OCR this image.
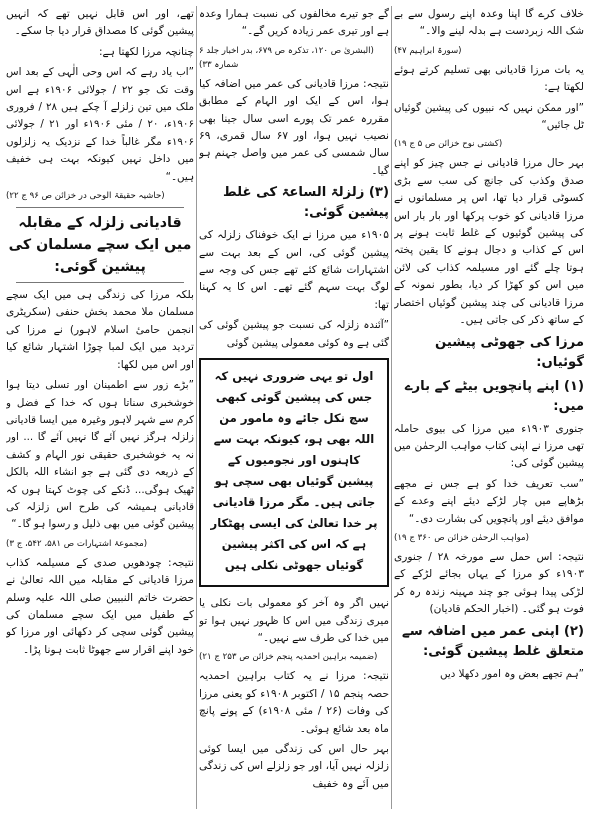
خلاف کرے گا اپنا وعدہ اپنے رسول سے بے شک اللہ زبردست ہے بدلہ لینے والا۔“

(سورۃ ابراہیم ۴۷)

یہ بات مرزا قادیانی بھی تسلیم کرتے ہوئے لکھتا ہے:

”اور ممکن نہیں کہ نبیوں کی پیشین گوئیاں ٹل جائیں“

(کشتی نوح خزائن ص ۵ ج ۱۹)

بہر حال مرزا قادیانی نے جس چیز کو اپنے صدق وکذب کی جانچ کی سب سے بڑی کسوٹی قرار دیا تھا، اس پر مسلمانوں نے مرزا قادیانی کو خوب پرکھا اور بار بار اس کی پیشین گوئیوں کے غلط ثابت ہونے پر اس کے کذاب و دجال ہونے کا یقین پختہ ہوتا چلے گئے اور مسیلمہ کذاب کی لائن میں اس کو کھڑا کر دیا، بطور نمونہ کے مرزا قادیانی کی چند پیشین گوئیاں اختصار کے ساتھ ذکر کی جاتی ہیں۔

مرزا کی جھوٹی پیشین گوئیاں:
(۱) اپنے پانچویں بیٹے کے بارے میں:

جنوری ۱۹۰۳ء میں مرزا کی بیوی حاملہ تھی مرزا نے اپنی کتاب مواہب الرحمٰن میں پیشین گوئی کی:

”سب تعریف خدا کو ہے جس نے مجھے بڑھاپے میں چار لڑکے دیئے اپنے وعدے کے موافق دیئے اور پانچویں کی بشارت دی۔“

(مواہب الرحمٰن خزائن ص ۳۶۰ ج ۱۹)

نتیجہ: اس حمل سے مورخہ ۲۸ / جنوری ۱۹۰۳ء کو مرزا کے یہاں بجائے لڑکے کے لڑکی پیدا ہوئی جو چند مہینہ زندہ رہ کر فوت ہو گئی۔ (اخبار الحکم قادیان)

(۲) اپنی عمر میں اضافہ سے متعلق غلط پیشین گوئی:

”ہم تجھے بعض وہ امور دکھلا دیں

گے جو تیرے مخالفوں کی نسبت ہمارا وعدہ ہے اور تیری عمر زیادہ کریں گے۔“

(البشریٰ ص ۱۲۰، تذکرہ ص ۶۷۹، بدر اخبار جلد ۶ شمارہ ۳۳)

نتیجہ: مرزا قادیانی کی عمر میں اضافہ کیا ہوا، اس کے ایک اور الہام کے مطابق مقررہ عمر تک پورے اسی سال جینا بھی نصیب نہیں ہوا، اور ۶۷ سال قمری، ۶۹ سال شمسی کی عمر میں واصل جہنم ہو گیا۔

(۳) زلزلۃ الساعۃ کی غلط پیشین گوئی:

۱۹۰۵ء میں مرزا نے ایک خوفناک زلزلہ کی پیشین گوئی کی، اس کے بعد بہت سے اشتہارات شائع کئے تھے جس کی وجہ سے لوگ بہت سہم گئے تھے۔ اس کا یہ کہنا تھا:

”آئندہ زلزلہ کی نسبت جو پیشین گوئی کی گئی ہے وہ کوئی معمولی پیشین گوئی

اول تو یہی ضروری نہیں کہ جس کی پیشین گوئی کبھی سچ نکل جائے وہ مامور من اللہ بھی ہو، کیونکہ بہت سے کاہنوں اور نجومیوں کے پیشین گوئیاں بھی سچی ہو جاتی ہیں۔ مگر مرزا قادیانی پر خدا تعالیٰ کی ایسی پھٹکار ہے کہ اس کی اکثر پیشین گوئیاں جھوٹی نکلی ہیں

نہیں اگر وہ آخر کو معمولی بات نکلی یا میری زندگی میں اس کا ظہور نہیں ہوا تو میں خدا کی طرف سے نہیں۔“

(ضمیمہ براہین احمدیہ پنجم خزائن ص ۲۵۳ ج ۲۱)

نتیجہ: مرزا نے یہ کتاب براہین احمدیہ حصہ پنجم ۱۵ / اکتوبر ۱۹۰۸ء کو یعنی مرزا کی وفات (۲۶ / مئی ۱۹۰۸ء) کے پونے پانچ ماہ بعد شائع ہوئی۔

بہر حال اس کی زندگی میں ایسا کوئی زلزلہ نہیں آیا، اور جو زلزلے اس کی زندگی میں آئے وہ خفیف

تھے، اور اس قابل نہیں تھے کہ انہیں پیشین گوئی کا مصداق قرار دیا جا سکے۔

چنانچہ مرزا لکھتا ہے:

”اب یاد رہے کہ اس وحی الٰہی کے بعد اس وقت تک جو ۲۲ / جولائی ۱۹۰۶ء ہے اس ملک میں تین زلزلے آ چکے ہیں ۲۸ / فروری ۱۹۰۶ء، ۲۰ / مئی ۱۹۰۶ء اور ۲۱ / جولائی ۱۹۰۶ء مگر غالباً خدا کے نزدیک یہ زلزلوں میں داخل نہیں کیونکہ بہت ہی خفیف ہیں۔“

(حاشیہ حقیقۃ الوحی در خزائن ص ۹۶ ج ۲۲)

قادیانی زلزلہ کے مقابلہ میں ایک سچے مسلمان کی پیشین گوئی:

بلکہ مرزا کی زندگی ہی میں ایک سچے مسلمان ملا محمد بخش حنفی (سکریٹری انجمن حامیٔ اسلام لاہور) نے مرزا کی تردید میں ایک لمبا چوڑا اشتہار شائع کیا اور اس میں لکھا:

”بڑے زور سے اطمینان اور تسلی دیتا ہوا خوشخبری سناتا ہوں کہ خدا کے فضل و کرم سے شہر لاہور وغیرہ میں ایسا قادیانی زلزلہ ہرگز نہیں آئے گا نہیں آئے گا ... اور نہ یہ خوشخبری حقیقی نور الہام و کشف کے ذریعہ دی گئی ہے جو انشاء اللہ بالکل ٹھیک ہوگی... ڈنکے کی چوٹ کہتا ہوں کہ قادیانی ہمیشہ کی طرح اس زلزلہ کی پیشین گوئی میں بھی ذلیل و رسوا ہو گا۔“

(مجموعۂ اشتہارات ص ۵۸۱، ۵۴۲، ج ۳)

نتیجہ: چودھویں صدی کے مسیلمہ کذاب مرزا قادیانی کے مقابلہ میں اللہ تعالیٰ نے حضرت خاتم النبیین صلی اللہ علیہ وسلم کے طفیل میں ایک سچے مسلمان کی پیشین گوئی سچی کر دکھائی اور مرزا کو خود اپنے اقرار سے جھوٹا ثابت ہونا پڑا۔
